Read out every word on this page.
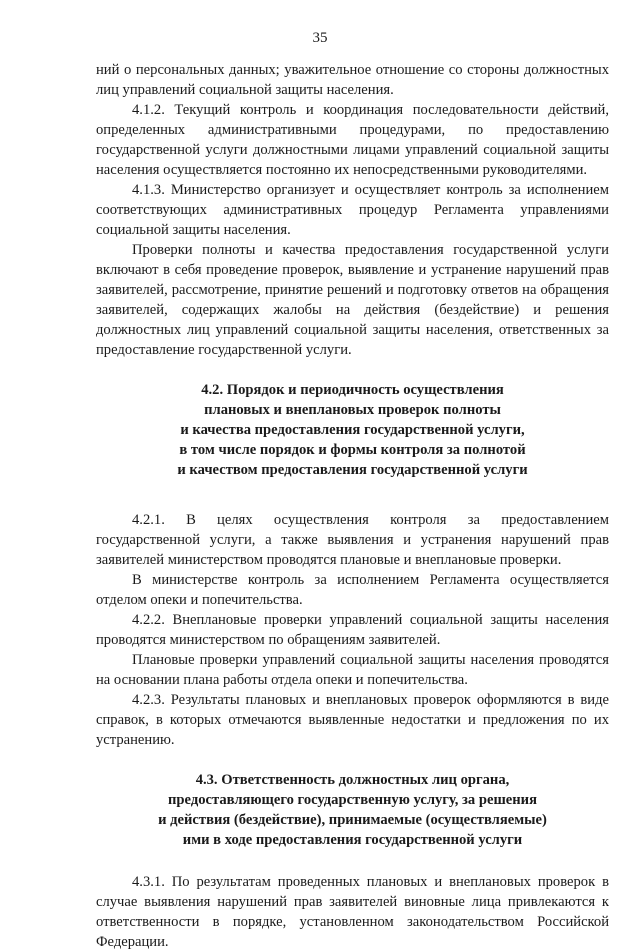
35

ний о персональных данных; уважительное отношение со стороны должностных лиц управлений социальной защиты населения.

4.1.2. Текущий контроль и координация последовательности действий, определенных административными процедурами, по предоставлению государственной услуги должностными лицами управлений социальной защиты населения осуществляется постоянно их непосредственными руководителями.

4.1.3. Министерство организует и осуществляет контроль за исполнением соответствующих административных процедур Регламента управлениями социальной защиты населения.

Проверки полноты и качества предоставления государственной услуги включают в себя проведение проверок, выявление и устранение нарушений прав заявителей, рассмотрение, принятие решений и подготовку ответов на обращения заявителей, содержащих жалобы на действия (бездействие) и решения должностных лиц управлений социальной защиты населения, ответственных за предоставление государственной услуги.

4.2. Порядок и периодичность осуществления
плановых и внеплановых проверок полноты
и качества предоставления государственной услуги,
в том числе порядок и формы контроля за полнотой
и качеством предоставления государственной услуги

4.2.1. В целях осуществления контроля за предоставлением государственной услуги, а также выявления и устранения нарушений прав заявителей министерством проводятся плановые и внеплановые проверки.

В министерстве контроль за исполнением Регламента осуществляется отделом опеки и попечительства.

4.2.2. Внеплановые проверки управлений социальной защиты населения проводятся министерством по обращениям заявителей.

Плановые проверки управлений социальной защиты населения проводятся на основании плана работы отдела опеки и попечительства.

4.2.3. Результаты плановых и внеплановых проверок оформляются в виде справок, в которых отмечаются выявленные недостатки и предложения по их устранению.

4.3. Ответственность должностных лиц органа,
предоставляющего государственную услугу, за решения
и действия (бездействие), принимаемые (осуществляемые)
ими в ходе предоставления государственной услуги

4.3.1. По результатам проведенных плановых и внеплановых проверок в случае выявления нарушений прав заявителей виновные лица привлекаются к ответственности в порядке, установленном законодательством Российской Федерации.
